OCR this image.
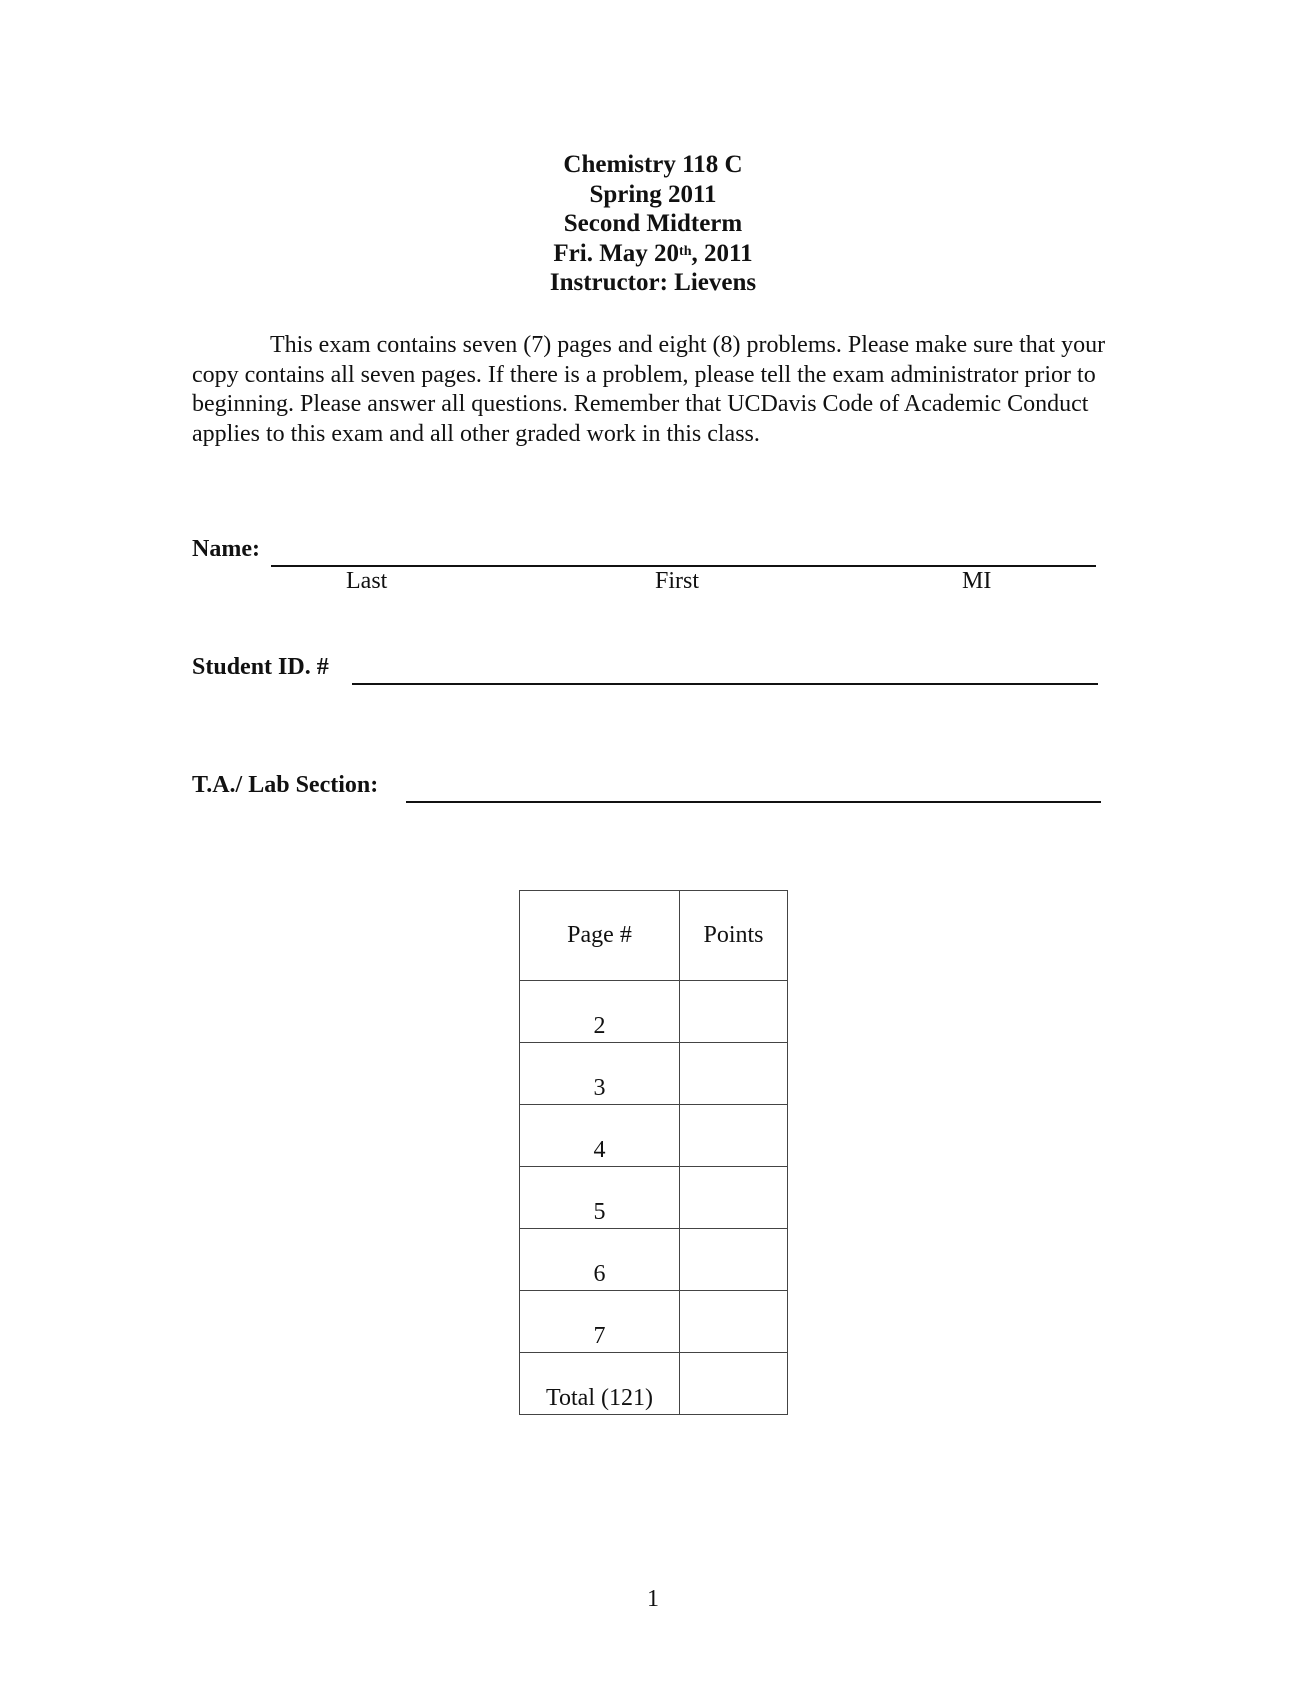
Chemistry 118 C
Spring 2011
Second Midterm
Fri. May 20th, 2011
Instructor: Lievens
This exam contains seven (7) pages and eight (8) problems. Please make sure that your copy contains all seven pages. If there is a problem, please tell the exam administrator prior to beginning. Please answer all questions. Remember that UCDavis Code of Academic Conduct applies to this exam and all other graded work in this class.
Name:
Last	First	MI
Student ID. #
T.A./ Lab Section:
Page #	Points
2	
3	
4	
5	
6	
7	
Total (121)	
1
